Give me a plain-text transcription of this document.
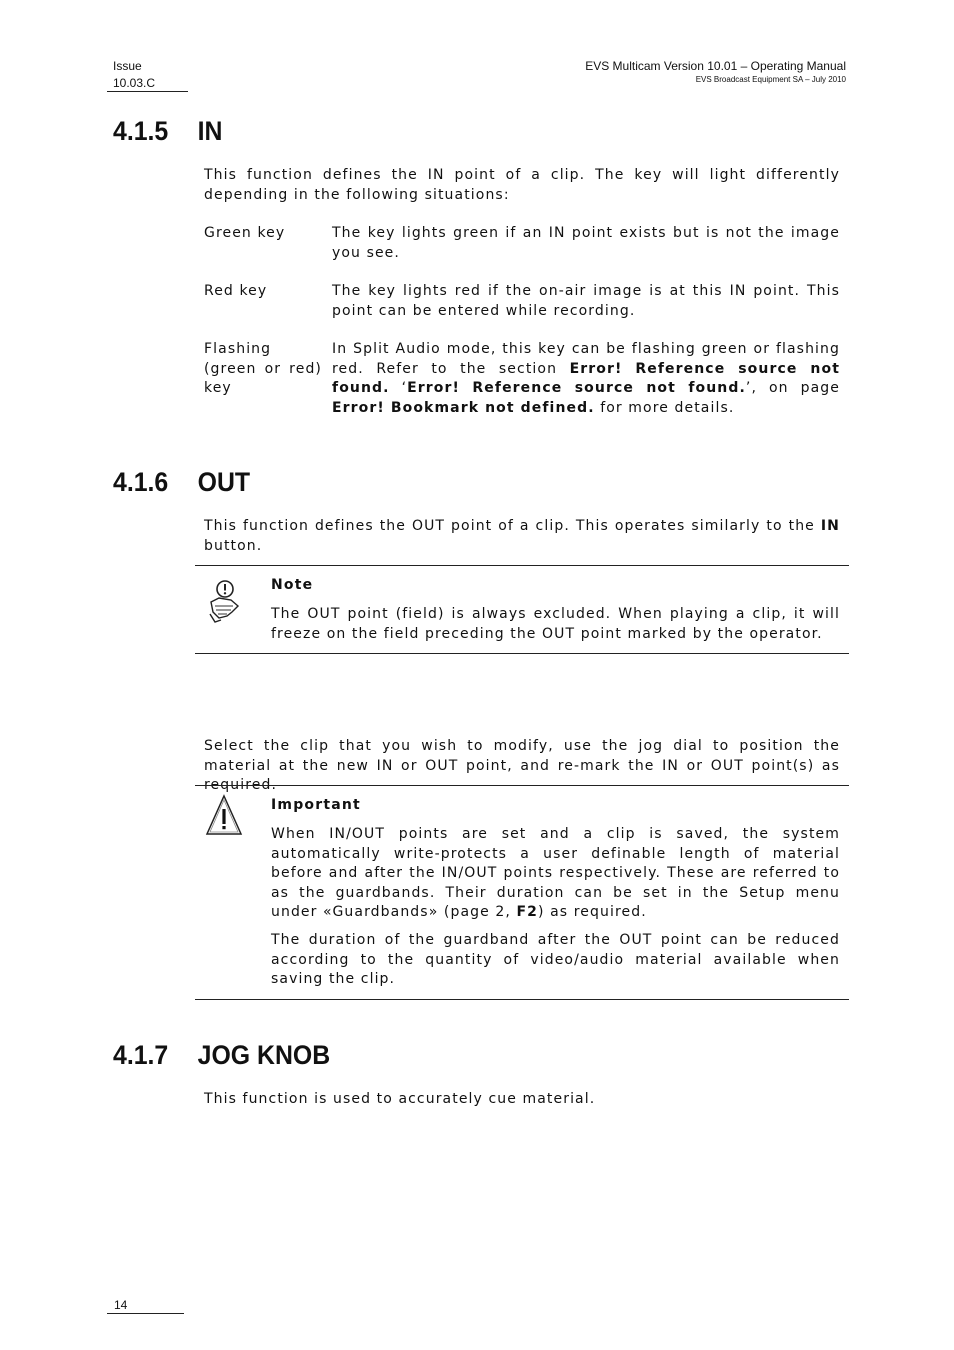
Issue
10.03.C
EVS Multicam Version 10.01 – Operating Manual
EVS Broadcast Equipment SA – July 2010
4.1.5 IN
This function defines the IN point of a clip. The key will light differently depending in the following situations:
Green key	The key lights green if an IN point exists but is not the image you see.
Red key	The key lights red if the on-air image is at this IN point. This point can be entered while recording.
Flashing (green or red) key
In Split Audio mode, this key can be flashing green or flashing red. Refer to the section Error! Reference source not found. ‘Error! Reference source not found.’, on page Error! Bookmark not defined. for more details.
4.1.6 OUT
This function defines the OUT point of a clip. This operates similarly to the IN button.
Note
The OUT point (field) is always excluded. When playing a clip, it will freeze on the field preceding the OUT point marked by the operator.
Select the clip that you wish to modify, use the jog dial to position the material at the new IN or OUT point, and re-mark the IN or OUT point(s) as required.
Important
When IN/OUT points are set and a clip is saved, the system automatically write-protects a user definable length of material before and after the IN/OUT points respectively. These are referred to as the guardbands. Their duration can be set in the Setup menu under «Guardbands» (page 2, F2) as required.
The duration of the guardband after the OUT point can be reduced according to the quantity of video/audio material available when saving the clip.
4.1.7 JOG KNOB
This function is used to accurately cue material.
14
